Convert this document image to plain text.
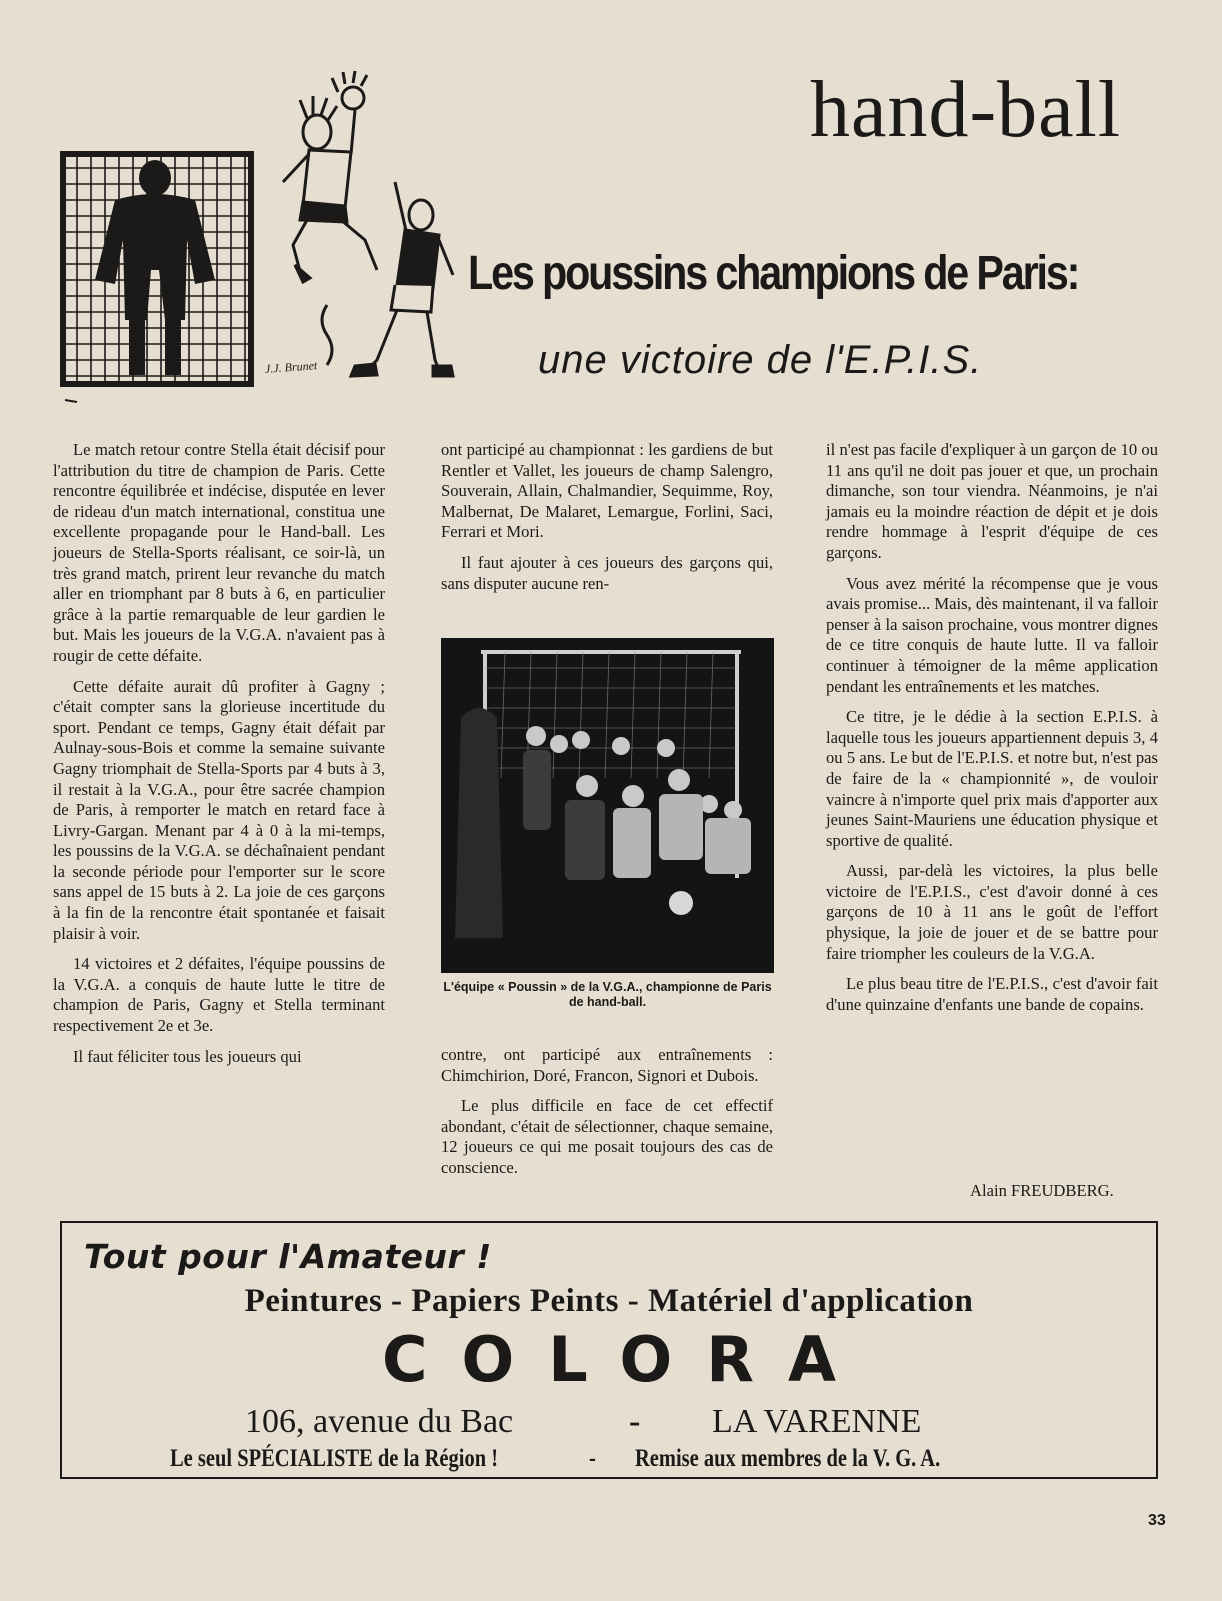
hand-ball
J.J. Brunet
Les poussins champions de Paris:
une victoire de l'E.P.I.S.

Le match retour contre Stella était décisif pour l'attribution du titre de champion de Paris. Cette rencontre équilibrée et indécise, disputée en lever de rideau d'un match international, constitua une excellente propagande pour le Hand-ball. Les joueurs de Stella-Sports réalisant, ce soir-là, un très grand match, prirent leur revanche du match aller en triomphant par 8 buts à 6, en particulier grâce à la partie remarquable de leur gardien le but. Mais les joueurs de la V.G.A. n'avaient pas à rougir de cette défaite.

Cette défaite aurait dû profiter à Gagny ; c'était compter sans la glorieuse incertitude du sport. Pendant ce temps, Gagny était défait par Aulnay-sous-Bois et comme la semaine suivante Gagny triomphait de Stella-Sports par 4 buts à 3, il restait à la V.G.A., pour être sacrée champion de Paris, à remporter le match en retard face à Livry-Gargan. Menant par 4 à 0 à la mi-temps, les poussins de la V.G.A. se déchaînaient pendant la seconde période pour l'emporter sur le score sans appel de 15 buts à 2. La joie de ces garçons à la fin de la rencontre était spontanée et faisait plaisir à voir.

14 victoires et 2 défaites, l'équipe poussins de la V.G.A. a conquis de haute lutte le titre de champion de Paris, Gagny et Stella terminant respectivement 2e et 3e.

Il faut féliciter tous les joueurs qui

ont participé au championnat : les gardiens de but Rentler et Vallet, les joueurs de champ Salengro, Souverain, Allain, Chalmandier, Sequimme, Roy, Malbernat, De Malaret, Lemargue, Forlini, Saci, Ferrari et Mori.

Il faut ajouter à ces joueurs des garçons qui, sans disputer aucune ren-

L'équipe « Poussin » de la V.G.A., championne de Paris de hand-ball.

contre, ont participé aux entraînements : Chimchirion, Doré, Francon, Signori et Dubois.

Le plus difficile en face de cet effectif abondant, c'était de sélectionner, chaque semaine, 12 joueurs ce qui me posait toujours des cas de conscience.

il n'est pas facile d'expliquer à un garçon de 10 ou 11 ans qu'il ne doit pas jouer et que, un prochain dimanche, son tour viendra. Néanmoins, je n'ai jamais eu la moindre réaction de dépit et je dois rendre hommage à l'esprit d'équipe de ces garçons.

Vous avez mérité la récompense que je vous avais promise... Mais, dès maintenant, il va falloir penser à la saison prochaine, vous montrer dignes de ce titre conquis de haute lutte. Il va falloir continuer à témoigner de la même application pendant les entraînements et les matches.

Ce titre, je le dédie à la section E.P.I.S. à laquelle tous les joueurs appartiennent depuis 3, 4 ou 5 ans. Le but de l'E.P.I.S. et notre but, n'est pas de faire de la « championnité », de vouloir vaincre à n'importe quel prix mais d'apporter aux jeunes Saint-Mauriens une éducation physique et sportive de qualité.

Aussi, par-delà les victoires, la plus belle victoire de l'E.P.I.S., c'est d'avoir donné à ces garçons de 10 à 11 ans le goût de l'effort physique, la joie de jouer et de se battre pour faire triompher les couleurs de la V.G.A.

Le plus beau titre de l'E.P.I.S., c'est d'avoir fait d'une quinzaine d'enfants une bande de copains.

Alain FREUDBERG.
Tout pour l'Amateur !
Peintures - Papiers Peints - Matériel d'application
COLORA
106, avenue du Bac	- LA VARENNE
Le seul SPÉCIALISTE de la Région !	- Remise aux membres de la V. G. A.
33
